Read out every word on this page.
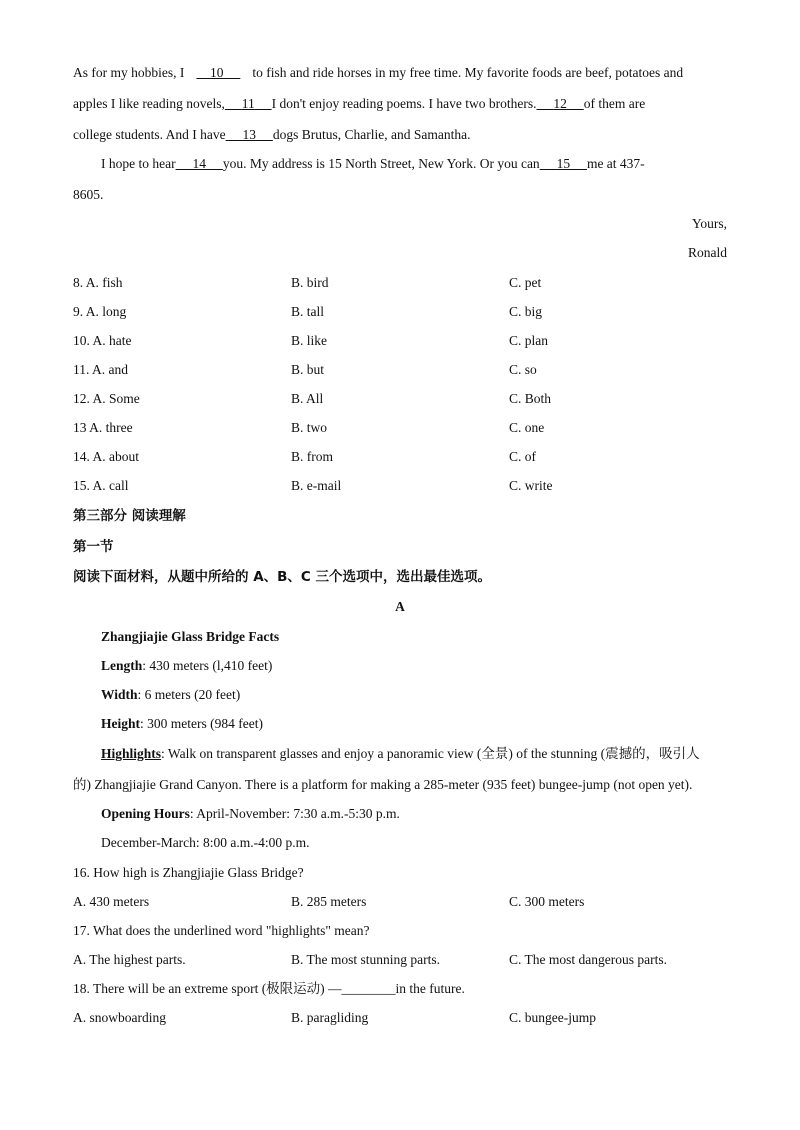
As for my hobbies, I 10 to fish and ride horses in my free time. My favorite foods are beef, potatoes and
apples I like reading novels, 11 I don't enjoy reading poems. I have two brothers. 12 of them are
college students. And I have 13 dogs Brutus, Charlie, and Samantha.
I hope to hear 14 you. My address is 15 North Street, New York. Or you can 15 me at 437-
8605.
Yours,
Ronald
8. A. fish	B. bird	C. pet
9. A. long	B. tall	C. big
10. A. hate	B. like	C. plan
11. A. and	B. but	C. so
12. A. Some	B. All	C. Both
13 A. three	B. two	C. one
14. A. about	B. from	C. of
15. A. call	B. e-mail	C. write
第三部分 阅读理解
第一节
阅读下面材料，从题中所给的 A、B、C 三个选项中，选出最佳选项。
A
Zhangjiajie Glass Bridge Facts
Length: 430 meters (l,410 feet)
Width: 6 meters (20 feet)
Height: 300 meters (984 feet)
Highlights: Walk on transparent glasses and enjoy a panoramic view (全景) of the stunning (震撼的，吸引人
的) Zhangjiajie Grand Canyon. There is a platform for making a 285-meter (935 feet) bungee-jump (not open yet).
Opening Hours: April-November: 7:30 a.m.-5:30 p.m.
December-March: 8:00 a.m.-4:00 p.m.
16. How high is Zhangjiajie Glass Bridge?
A. 430 meters	B. 285 meters	C. 300 meters
17. What does the underlined word "highlights" mean?
A. The highest parts.	B. The most stunning parts.	C. The most dangerous parts.
18. There will be an extreme sport (极限运动) —________in the future.
A. snowboarding	B. paragliding	C. bungee-jump
